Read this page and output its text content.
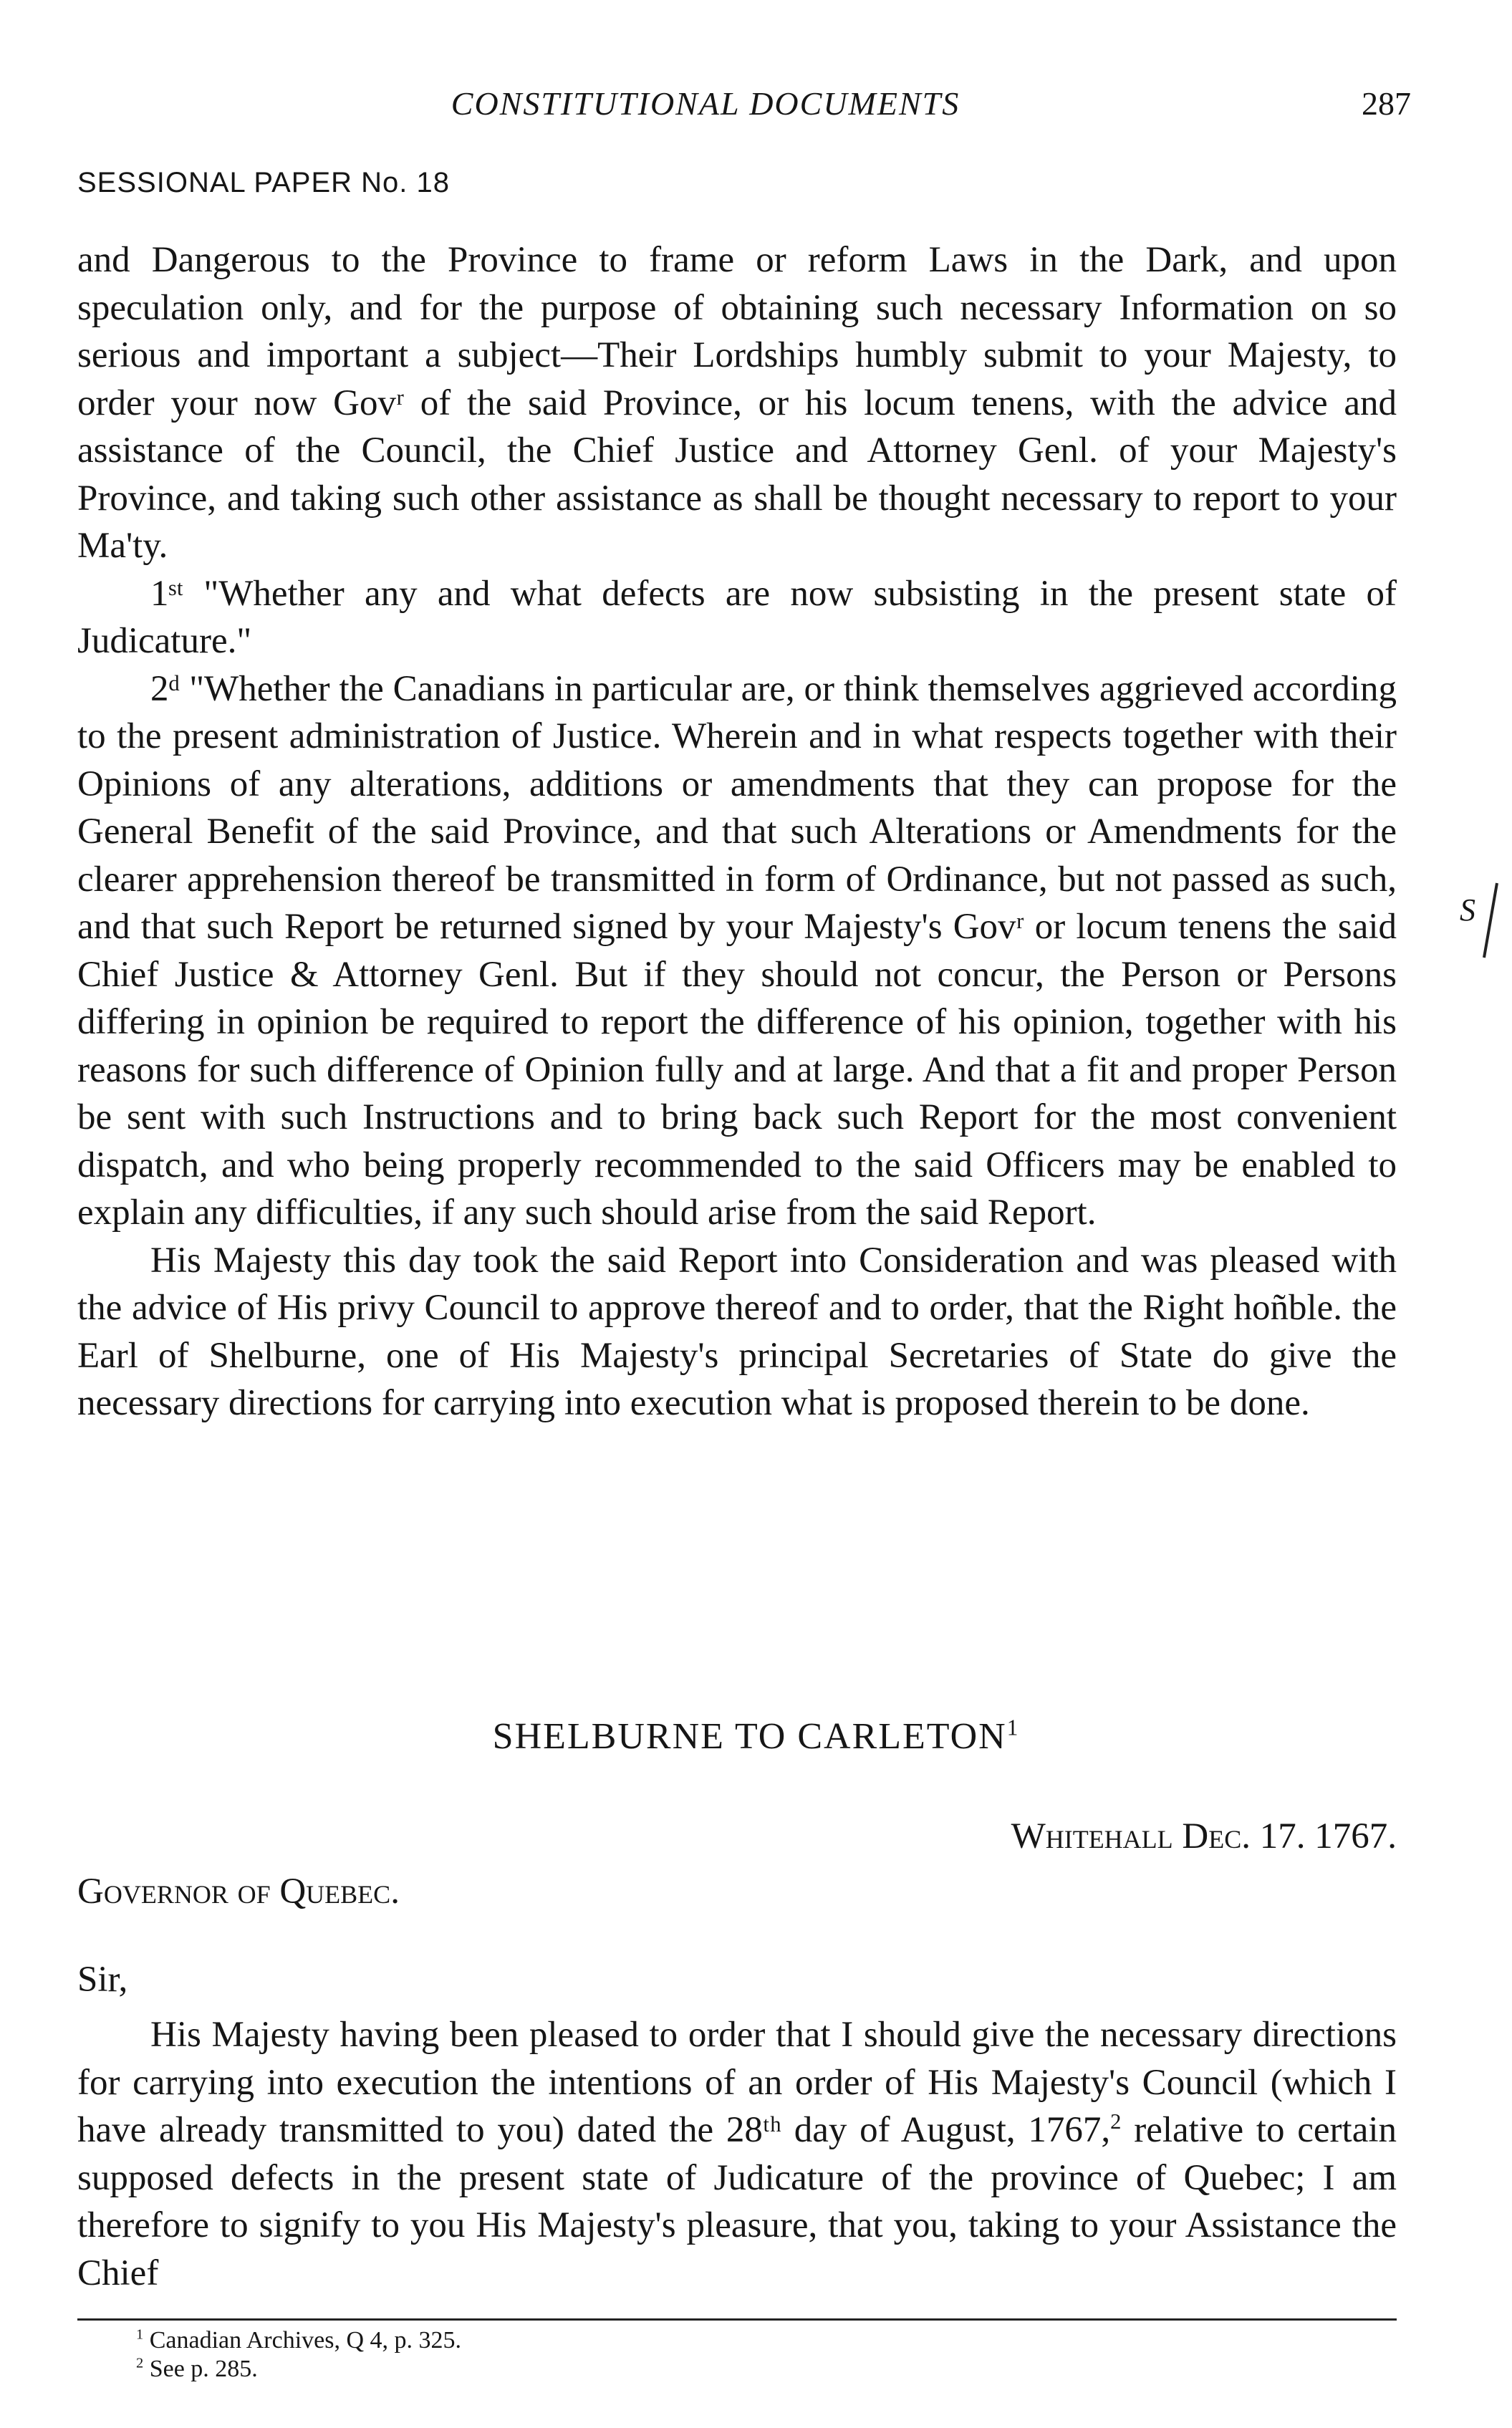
CONSTITUTIONAL DOCUMENTS	287
SESSIONAL PAPER No. 18

and Dangerous to the Province to frame or reform Laws in the Dark, and upon speculation only, and for the purpose of obtaining such necessary Information on so serious and important a subject—Their Lordships humbly submit to your Majesty, to order your now Govʳ of the said Province, or his locum tenens, with the advice and assistance of the Council, the Chief Justice and Attorney Genl. of your Majesty's Province, and taking such other assistance as shall be thought necessary to report to your Ma'ty.

1ˢᵗ "Whether any and what defects are now subsisting in the present state of Judicature."

2ᵈ "Whether the Canadians in particular are, or think themselves aggrieved according to the present administration of Justice. Wherein and in what respects together with their Opinions of any alterations, additions or amendments that they can propose for the General Benefit of the said Province, and that such Alterations or Amendments for the clearer apprehension thereof be transmitted in form of Ordinance, but not passed as such, and that such Report be returned signed by your Majesty's Govʳ or locum tenens the said Chief Justice & Attorney Genl. But if they should not concur, the Person or Persons differing in opinion be required to report the difference of his opinion, together with his reasons for such difference of Opinion fully and at large. And that a fit and proper Person be sent with such Instructions and to bring back such Report for the most convenient dispatch, and who being properly recommended to the said Officers may be enabled to explain any difficulties, if any such should arise from the said Report.

His Majesty this day took the said Report into Consideration and was pleased with the advice of His privy Council to approve thereof and to order, that the Right hoñble. the Earl of Shelburne, one of His Majesty's principal Secretaries of State do give the necessary directions for carrying into execution what is proposed therein to be done.

SHELBURNE TO CARLETON$^1$
Whitehall Dec. 17. 1767.
Governor of Quebec.
Sir,

His Majesty having been pleased to order that I should give the necessary directions for carrying into execution the intentions of an order of His Majesty's Council (which I have already transmitted to you) dated the 28ᵗʰ day of August, 1767,$^2$ relative to certain supposed defects in the present state of Judicature of the province of Quebec; I am therefore to signify to you His Majesty's pleasure, that you, taking to your Assistance the Chief

$^1$ Canadian Archives, Q 4, p. 325.
$^2$ See p. 285.
S
